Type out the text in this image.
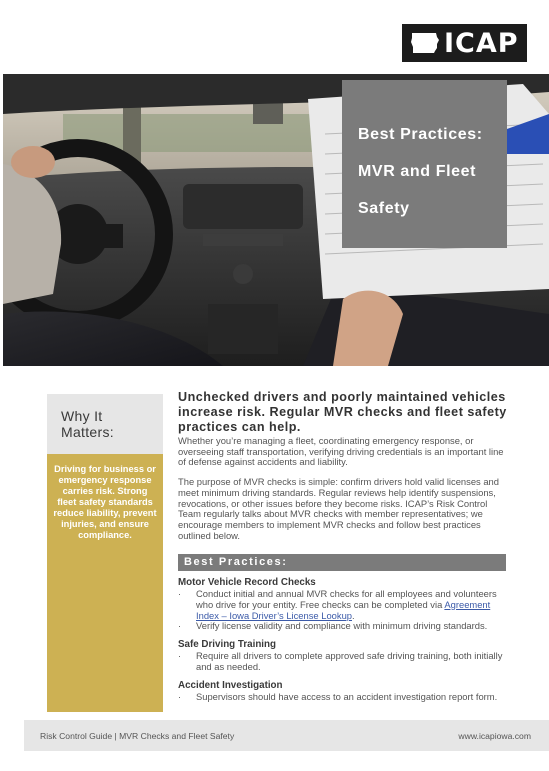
ICAP
Best Practices:
MVR and Fleet
Safety
Why It
Matters:
Driving for business or emergency response carries risk. Strong fleet safety standards reduce liability, prevent injuries, and ensure compliance.
Unchecked drivers and poorly maintained vehicles increase risk. Regular MVR checks and fleet safety practices can help.
Whether you’re managing a fleet, coordinating emergency response, or overseeing staff transportation, verifying driving credentials is an important line of defense against accidents and liability.
The purpose of MVR checks is simple: confirm drivers hold valid licenses and meet minimum driving standards. Regular reviews help identify suspensions, revocations, or other issues before they become risks. ICAP’s Risk Control Team regularly talks about MVR checks with member representatives; we encourage members to implement MVR checks and follow best practices outlined below.
Best Practices:
Motor Vehicle Record Checks
· Conduct initial and annual MVR checks for all employees and volunteers who drive for your entity. Free checks can be completed via Agreement Index – Iowa Driver’s License Lookup.
· Verify license validity and compliance with minimum driving standards.
Safe Driving Training
· Require all drivers to complete approved safe driving training, both initially and as needed.
Accident Investigation
· Supervisors should have access to an accident investigation report form.
Risk Control Guide | MVR Checks and Fleet Safety	www.icapiowa.com
